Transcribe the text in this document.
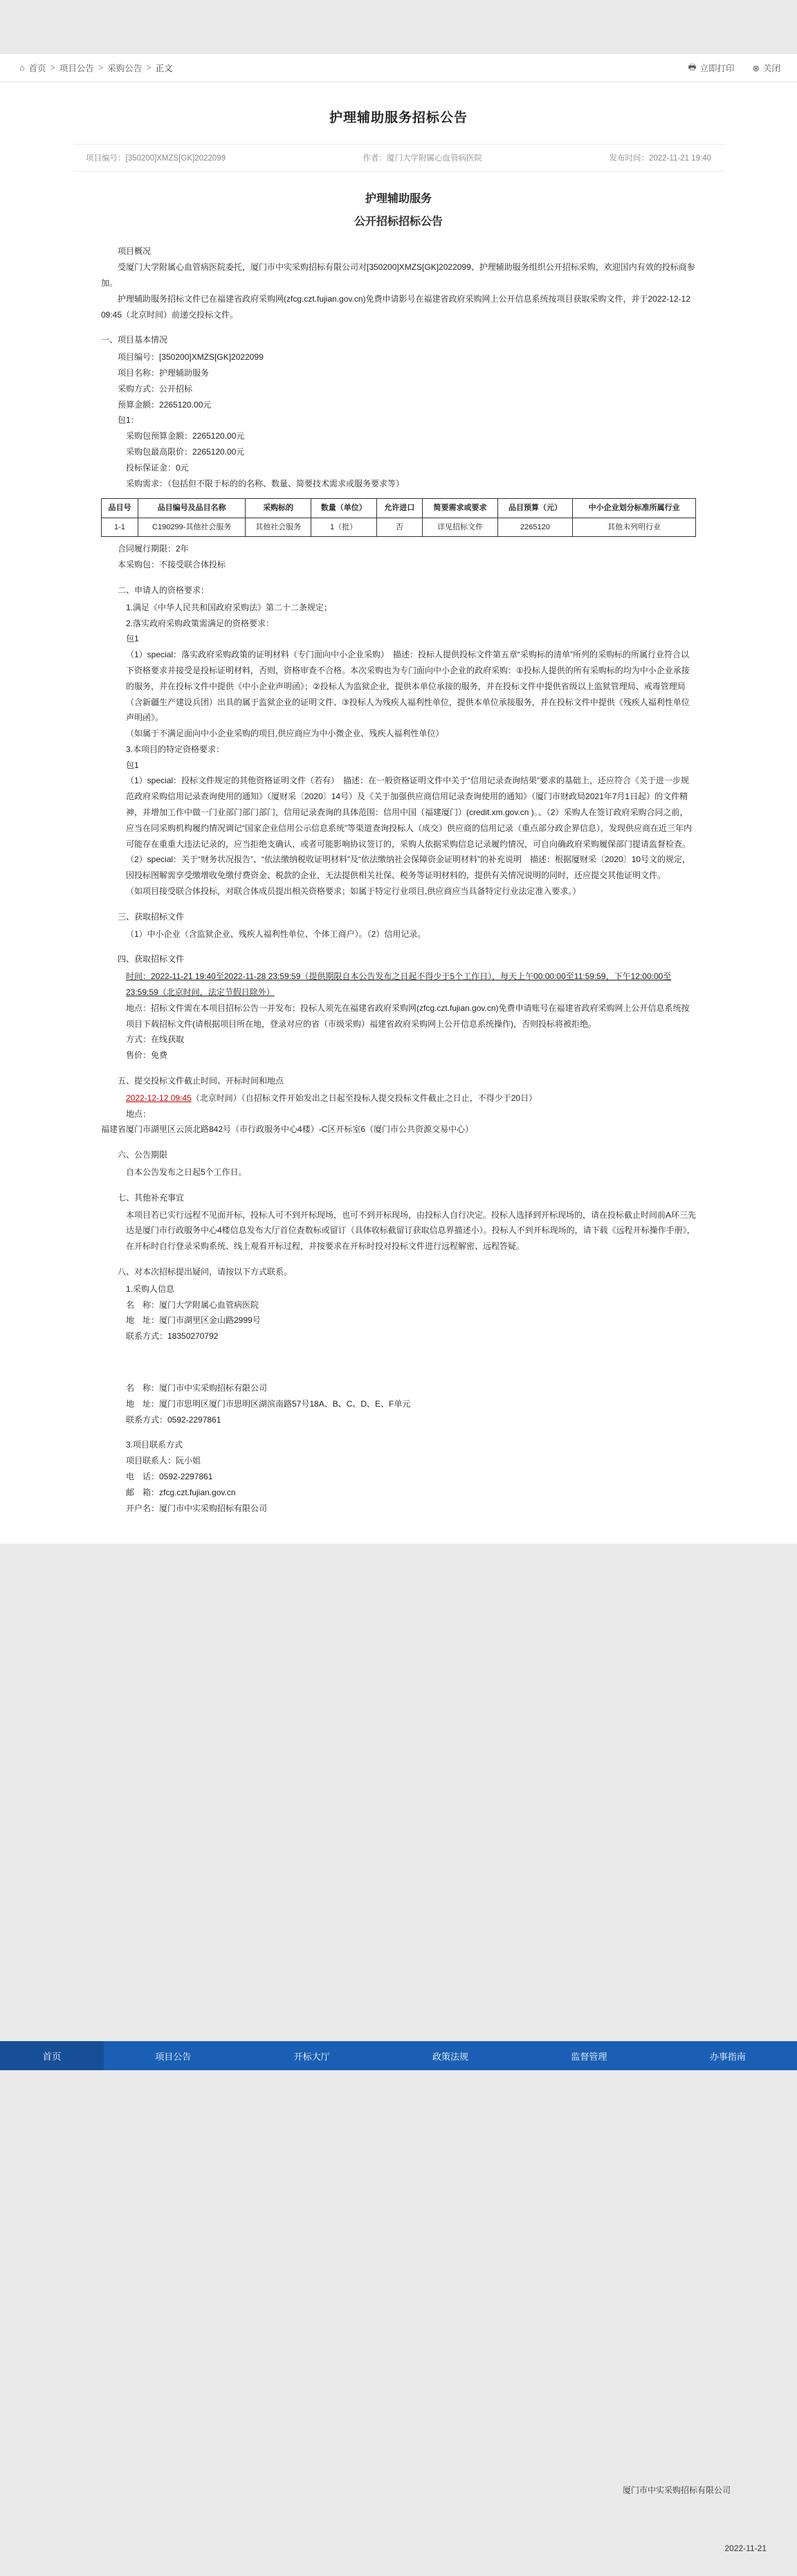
⌂ 首页 > 项目公告 > 采购公告 > 正文	🖶 立即打印 ⊗ 关闭
护理辅助服务招标公告
项目编号：[350200]XMZS[GK]2022099	作者：厦门大学附属心血管病医院	发布时间：2022-11-21 19:40
护理辅助服务
公开招标招标公告

项目概况

受厦门大学附属心血管病医院委托，厦门市中实采购招标有限公司对[350200]XMZS[GK]2022099、护理辅助服务组织公开招标采购，欢迎国内有效的投标商参加。

护理辅助服务招标文件已在福建省政府采购网(zfcg.czt.fujian.gov.cn)免费申请影号在福建省政府采购网上公开信息系统按项目获取采购文件，并于2022-12-12 09:45（北京时间）前递交投标文件。

一、项目基本情况

项目编号：[350200]XMZS[GK]2022099

项目名称：护理辅助服务

采购方式：公开招标

预算金额：2265120.00元

包1：

采购包预算金额：2265120.00元

采购包最高限价：2265120.00元

投标保证金：0元

采购需求：（包括但不限于标的的名称、数量、简要技术需求或服务要求等）

品目号	品目编号及品目名称	采购标的	数量（单位）	允许进口	简要需求或要求	品目预算（元）	中小企业划分标准所属行业
1-1	C190299-其他社会服务	其他社会服务	1（批）	否	详见招标文件	2265120	其他未列明行业

合同履行期限：2年

本采购包：不接受联合体投标

二、申请人的资格要求：

1.满足《中华人民共和国政府采购法》第二十二条规定；

2.落实政府采购政策需满足的资格要求：

包1

（1）special：落实政府采购政策的证明材料（专门面向中小企业采购）　描述：投标人提供投标文件第五章“采购标的清单”所列的采购标的所属行业符合以下资格要求并接受是投标证明材料，否则，资格审查不合格。本次采购也为专门面向中小企业的政府采购：①投标人提供的所有采购标的均为中小企业承接的服务，并在投标文件中提供《中小企业声明函》；②投标人为监狱企业，提供本单位承接的服务，并在投标文件中提供省级以上监狱管理局、戒毒管理局（含新疆生产建设兵团）出具的属于监狱企业的证明文件、③投标人为残疾人福利性单位，提供本单位承接服务，并在投标文件中提供《残疾人福利性单位声明函》。

（如属于不满足面向中小企业采购的项目,供应商应为中小微企业、残疾人福利性单位）

3.本项目的特定资格要求：

包1

（1）special：投标文件规定的其他资格证明文件（若有）　描述：在一般资格证明文件中关于“信用记录查询结果”要求的基础上，还应符合《关于进一步规范政府采购信用记录查询使用的通知》（厦财采〔2020〕14号）及《关于加强供应商信用记录查询使用的通知》（厦门市财政局2021年7月1日起）的文件精神，并增加工作中做一门业部门部门部门，信用记录查询的具体范围：信用中国（福建厦门）(credit.xm.gov.cn )。、（2）采购人在签订政府采购合同之前，应当在同采购机构履约情况调记“国家企业信用公示信息系统”等渠道查询投标人（成交）供应商的信用记录（重点部分政企界信息），发现供应商在近三年内可能存在重重大违法记录的，应当拒绝支确认，或者可能影响协议签订的，采购人依据采购信息记录履约情况，可自向确政府采购履保部门提请监督检查。

（2）special：关于“财务状况报告”、“依法缴纳税收证明材料”及“依法缴纳社会保障资金证明材料”的补充说明　描述：根据厦财采〔2020〕10号文的规定，因投标图解需享受缴增收免缴付费资金、税款的企业，无法提供相关社保、税务等证明材料的，提供有关情况说明的同时，还应提交其他证明文件。

（如项目接受联合体投标，对联合体成员提出相关资格要求；如属于特定行业项目,供应商应当具备特定行业法定准入要求。）

三、获取招标文件

（1）中小企业（含监狱企业、残疾人福利性单位、个体工商户）。（2）信用记录。

四、获取招标文件

时间：2022-11-21 19:40至2022-11-28 23:59:59（提供期限自本公告发布之日起不得少于5个工作日），每天上午00:00:00至11:59:59，下午12:00:00至23:59:59（北京时间，法定节假日除外）

地点：招标文件需在本项目招标公告一并发布；投标人须先在福建省政府采购网(zfcg.czt.fujian.gov.cn)免费申请账号在福建省政府采购网上公开信息系统按项目下载招标文件(请根据项目所在地，登录对应的省（市级采购）福建省政府采购网上公开信息系统操作)，否则投标将被拒绝。

方式：在线获取

售价：免费

五、提交投标文件截止时间、开标时间和地点

2022-12-12 09:45（北京时间）（自招标文件开始发出之日起至投标人提交投标文件截止之日止，不得少于20日）

地点：

福建省厦门市湖里区云顶北路842号（市行政服务中心4楼）-C区开标室6（厦门市公共资源交易中心）

六、公告期限

自本公告发布之日起5个工作日。

七、其他补充事宜

本项目若已实行远程不见面开标，投标人可不到开标现场，也可不到开标现场，由投标人自行决定。投标人选择到开标现场的，请在投标截止时间前A环三先达是厦门市行政服务中心4楼信息发布大厅首位查数标或留订（具体收标截留订获取信息界描述小）。投标人不到开标现场的，请下载《远程开标操作手册》，在开标时自行登录采购系统、线上观看开标过程，并按要求在开标时投对投标文件进行远程解密、远程答疑。

八、对本次招标提出疑问，请按以下方式联系。

1.采购人信息

名　称：厦门大学附属心血管病医院

地　址：厦门市湖里区金山路2999号

联系方式：18350270792

名　称：厦门市中实采购招标有限公司

地　址：厦门市思明区厦门市思明区湖滨南路57号18A、B、C、D、E、F单元

联系方式：0592-2297861

3.项目联系方式

项目联系人：阮小姐

电　话：0592-2297861

邮　箱：zfcg.czt.fujian.gov.cn

开户名：厦门市中实采购招标有限公司

首页	项目公告	开标大厅	政策法规	监督管理	办事指南
厦门市中实采购招标有限公司
2022-11-21
